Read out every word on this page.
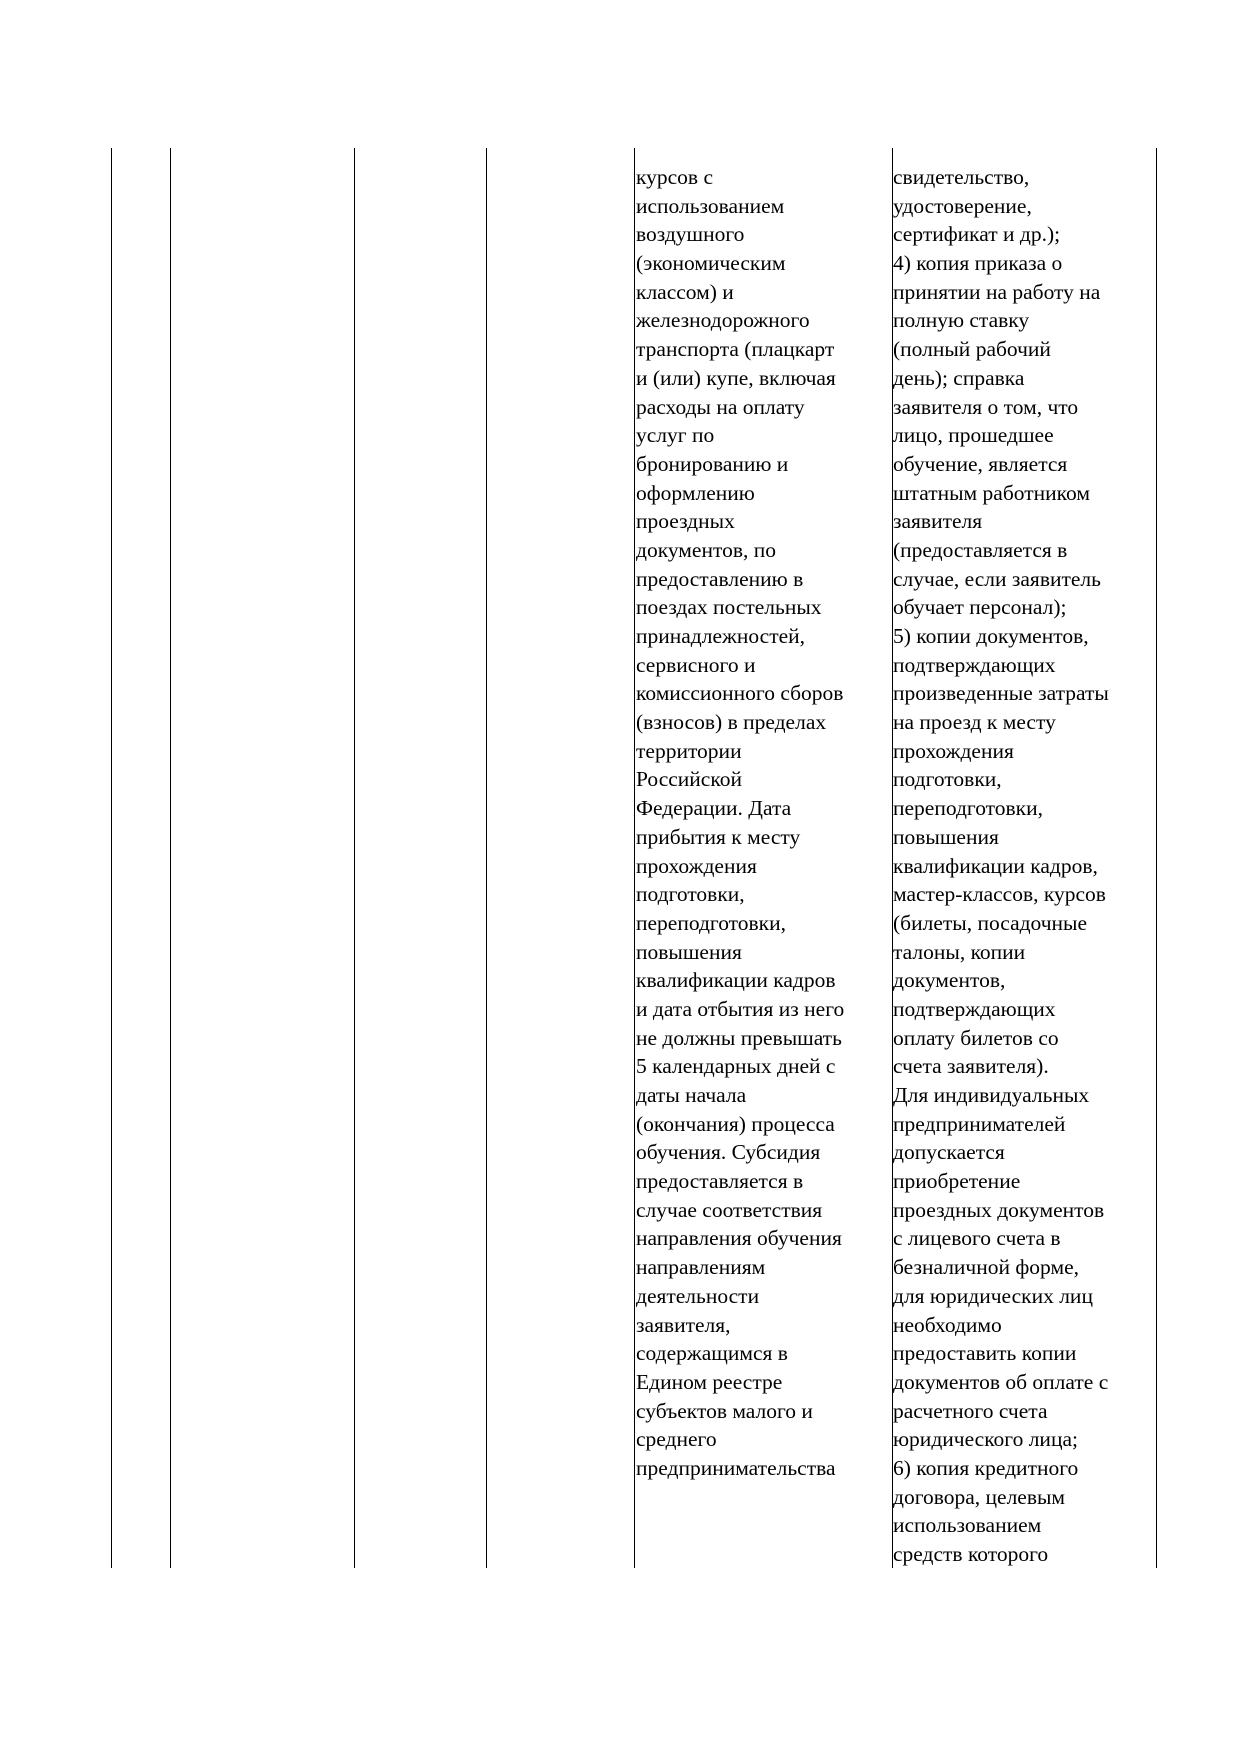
курсов с
использованием
воздушного
(экономическим
классом) и
железнодорожного
транспорта (плацкарт
и (или) купе, включая
расходы на оплату
услуг по
бронированию и
оформлению
проездных
документов, по
предоставлению в
поездах постельных
принадлежностей,
сервисного и
комиссионного сборов
(взносов) в пределах
территории
Российской
Федерации. Дата
прибытия к месту
прохождения
подготовки,
переподготовки,
повышения
квалификации кадров
и дата отбытия из него
не должны превышать
5 календарных дней с
даты начала
(окончания) процесса
обучения. Субсидия
предоставляется в
случае соответствия
направления обучения
направлениям
деятельности
заявителя,
содержащимся в
Едином реестре
субъектов малого и
среднего
предпринимательства
свидетельство,
удостоверение,
сертификат и др.);
4) копия приказа о
принятии на работу на
полную ставку
(полный рабочий
день); справка
заявителя о том, что
лицо, прошедшее
обучение, является
штатным работником
заявителя
(предоставляется в
случае, если заявитель
обучает персонал);
5) копии документов,
подтверждающих
произведенные затраты
на проезд к месту
прохождения
подготовки,
переподготовки,
повышения
квалификации кадров,
мастер-классов, курсов
(билеты, посадочные
талоны, копии
документов,
подтверждающих
оплату билетов со
счета заявителя).
Для индивидуальных
предпринимателей
допускается
приобретение
проездных документов
с лицевого счета в
безналичной форме,
для юридических лиц
необходимо
предоставить копии
документов об оплате с
расчетного счета
юридического лица;
6) копия кредитного
договора, целевым
использованием
средств которого
